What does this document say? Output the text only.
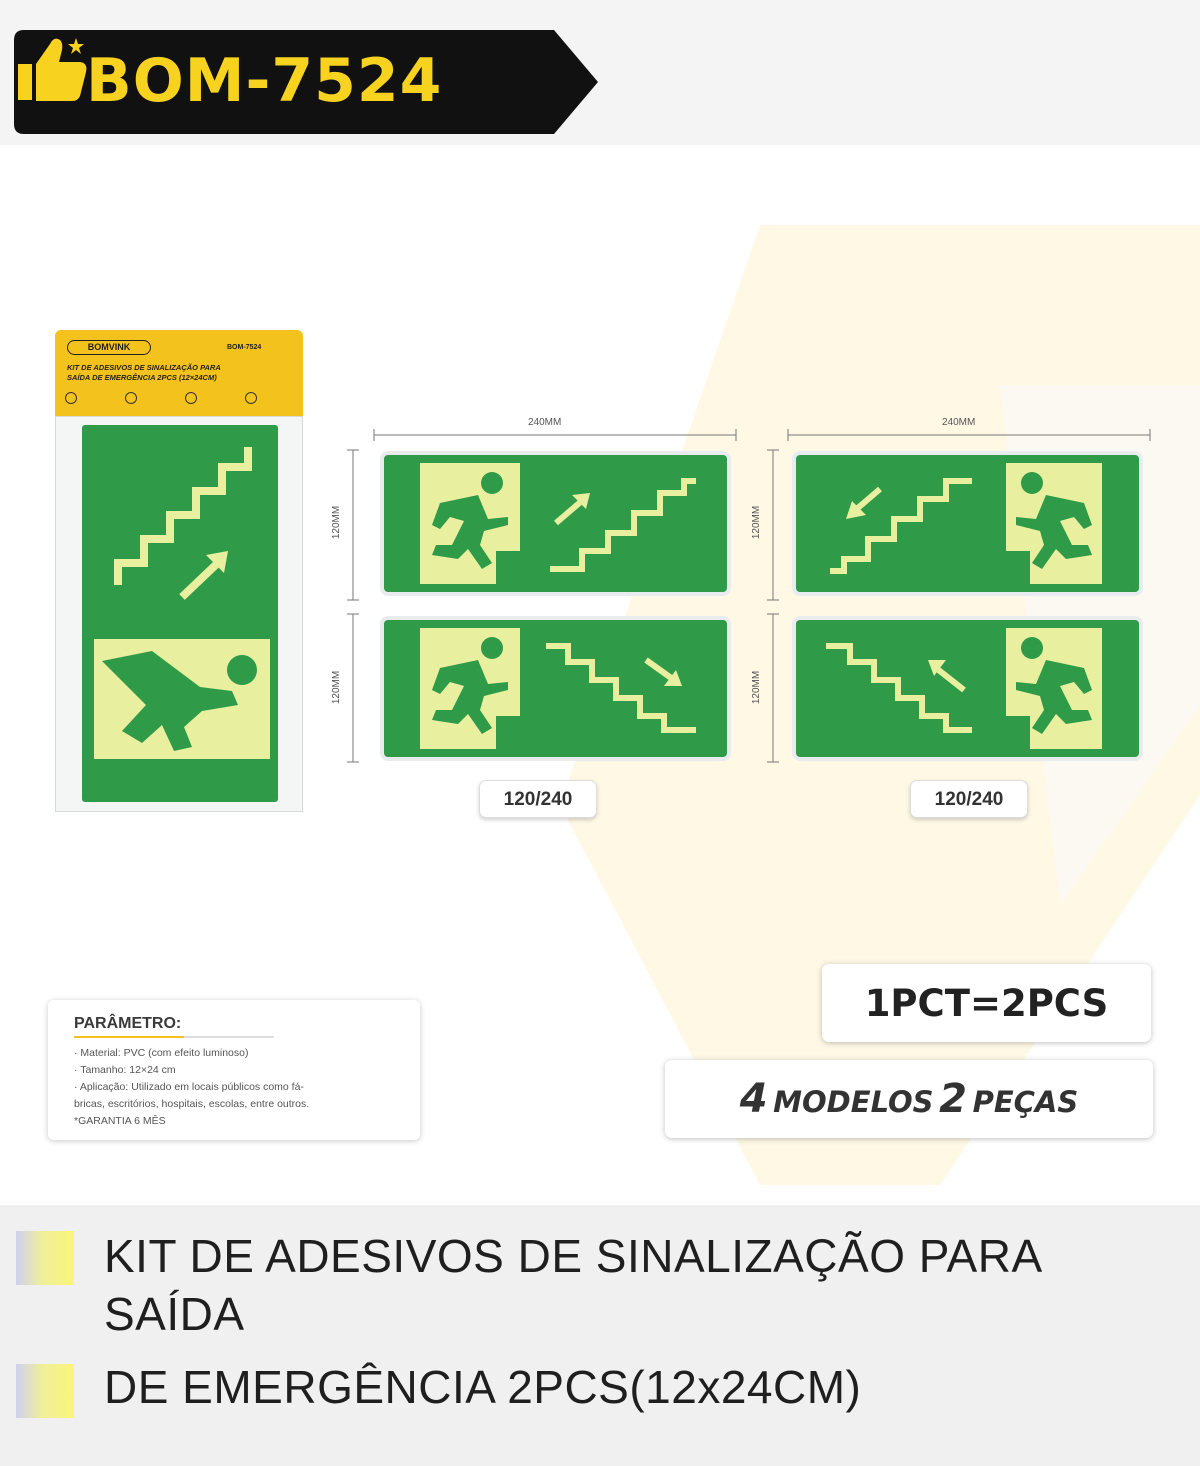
BOM-7524
BOMVINK	BOM-7524
KIT DE ADESIVOS DE SINALIZAÇÃO PARA
SAÍDA DE EMERGÊNCIA 2PCS (12×24CM)
240MM	240MM
120MM
120MM
120MM
120MM
120/240	120/240
PARÂMETRO:
· Material: PVC (com efeito luminoso)
· Tamanho: 12×24 cm
· Aplicação: Utilizado em locais públicos como fá-
bricas, escritórios, hospitais, escolas, entre outros.
*GARANTIA 6 MÊS
1PCT=2PCS
4 MODELOS 2 PEÇAS
KIT DE ADESIVOS DE SINALIZAÇÃO PARA
SAÍDA
DE EMERGÊNCIA 2PCS(12x24CM)
